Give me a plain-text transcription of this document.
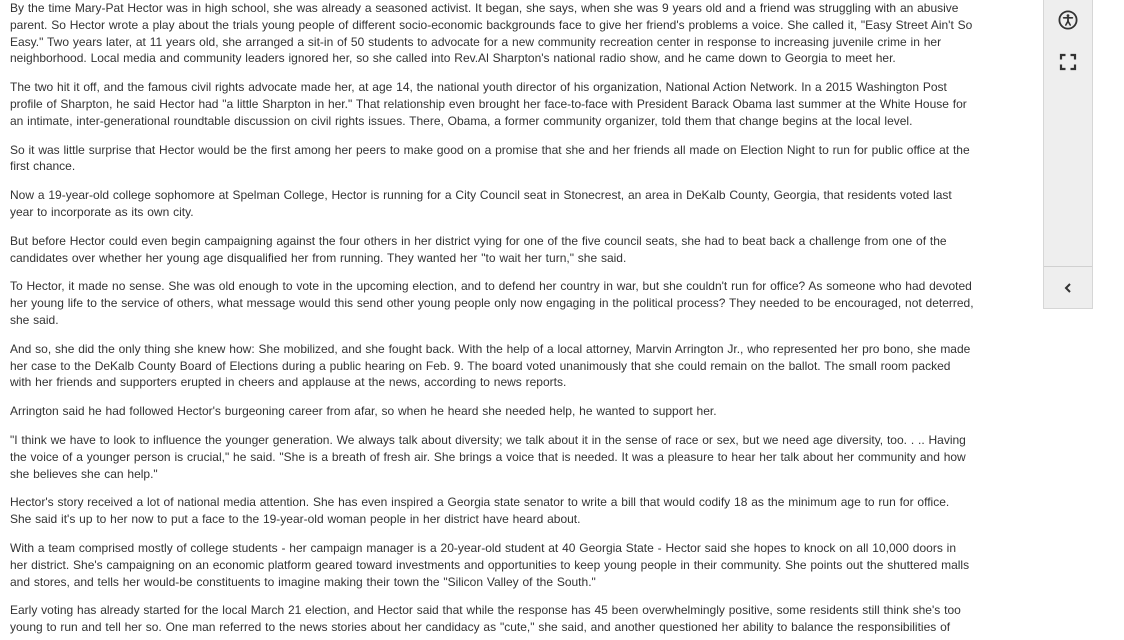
By the time Mary-Pat Hector was in high school, she was already a seasoned activist. It began, she says, when she was 9 years old and a friend was struggling with an abusive parent. So Hector wrote a play about the trials young people of different socio-economic backgrounds face to give her friend's problems a voice. She called it, "Easy Street Ain't So Easy." Two years later, at 11 years old, she arranged a sit-in of 50 students to advocate for a new community recreation center in response to increasing juvenile crime in her neighborhood. Local media and community leaders ignored her, so she called into Rev.Al Sharpton's national radio show, and he came down to Georgia to meet her.

The two hit it off, and the famous civil rights advocate made her, at age 14, the national youth director of his organization, National Action Network. In a 2015 Washington Post profile of Sharpton, he said Hector had "a little Sharpton in her." That relationship even brought her face-to-face with President Barack Obama last summer at the White House for an intimate, inter-generational roundtable discussion on civil rights issues. There, Obama, a former community organizer, told them that change begins at the local level.

So it was little surprise that Hector would be the first among her peers to make good on a promise that she and her friends all made on Election Night to run for public office at the first chance.

Now a 19-year-old college sophomore at Spelman College, Hector is running for a City Council seat in Stonecrest, an area in DeKalb County, Georgia, that residents voted last year to incorporate as its own city.

But before Hector could even begin campaigning against the four others in her district vying for one of the five council seats, she had to beat back a challenge from one of the candidates over whether her young age disqualified her from running. They wanted her "to wait her turn," she said.

To Hector, it made no sense. She was old enough to vote in the upcoming election, and to defend her country in war, but she couldn't run for office? As someone who had devoted her young life to the service of others, what message would this send other young people only now engaging in the political process? They needed to be encouraged, not deterred, she said.

And so, she did the only thing she knew how: She mobilized, and she fought back. With the help of a local attorney, Marvin Arrington Jr., who represented her pro bono, she made her case to the DeKalb County Board of Elections during a public hearing on Feb. 9. The board voted unanimously that she could remain on the ballot. The small room packed with her friends and supporters erupted in cheers and applause at the news, according to news reports.

Arrington said he had followed Hector's burgeoning career from afar, so when he heard she needed help, he wanted to support her.

"I think we have to look to influence the younger generation. We always talk about diversity; we talk about it in the sense of race or sex, but we need age diversity, too. . .. Having the voice of a younger person is crucial," he said. "She is a breath of fresh air. She brings a voice that is needed. It was a pleasure to hear her talk about her community and how she believes she can help."

Hector's story received a lot of national media attention. She has even inspired a Georgia state senator to write a bill that would codify 18 as the minimum age to run for office. She said it's up to her now to put a face to the 19-year-old woman people in her district have heard about.

With a team comprised mostly of college students - her campaign manager is a 20-year-old student at 40 Georgia State - Hector said she hopes to knock on all 10,000 doors in her district. She's campaigning on an economic platform geared toward investments and opportunities to keep young people in their community. She points out the shuttered malls and stores, and tells her would-be constituents to imagine making their town the "Silicon Valley of the South."

Early voting has already started for the local March 21 election, and Hector said that while the response has 45 been overwhelmingly positive, some residents still think she's too young to run and tell her so. One man referred to the news stories about her candidacy as "cute," she said, and another questioned her ability to balance the responsibilities of
